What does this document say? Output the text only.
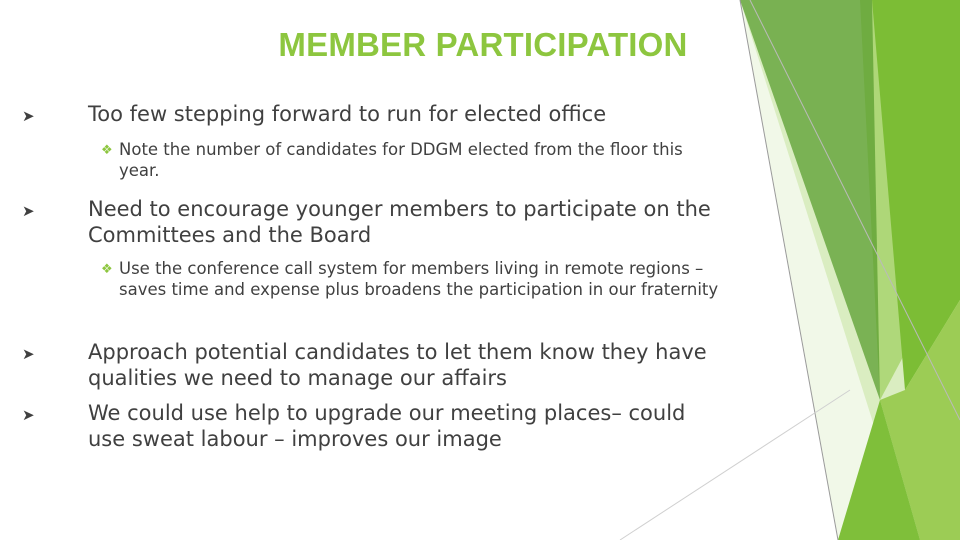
MEMBER PARTICIPATION
➤	Too few stepping forward to run for elected office
❖ Note the number of candidates for DDGM elected from the floor this year.
➤	Need to encourage younger members to participate on the Committees and the Board
❖ Use the conference call system for members living in remote regions – saves time and expense plus broadens the participation in our fraternity
➤	Approach potential candidates to let them know they have qualities we need to manage our affairs
➤	We could use help to upgrade our meeting places– could use sweat labour – improves our image
